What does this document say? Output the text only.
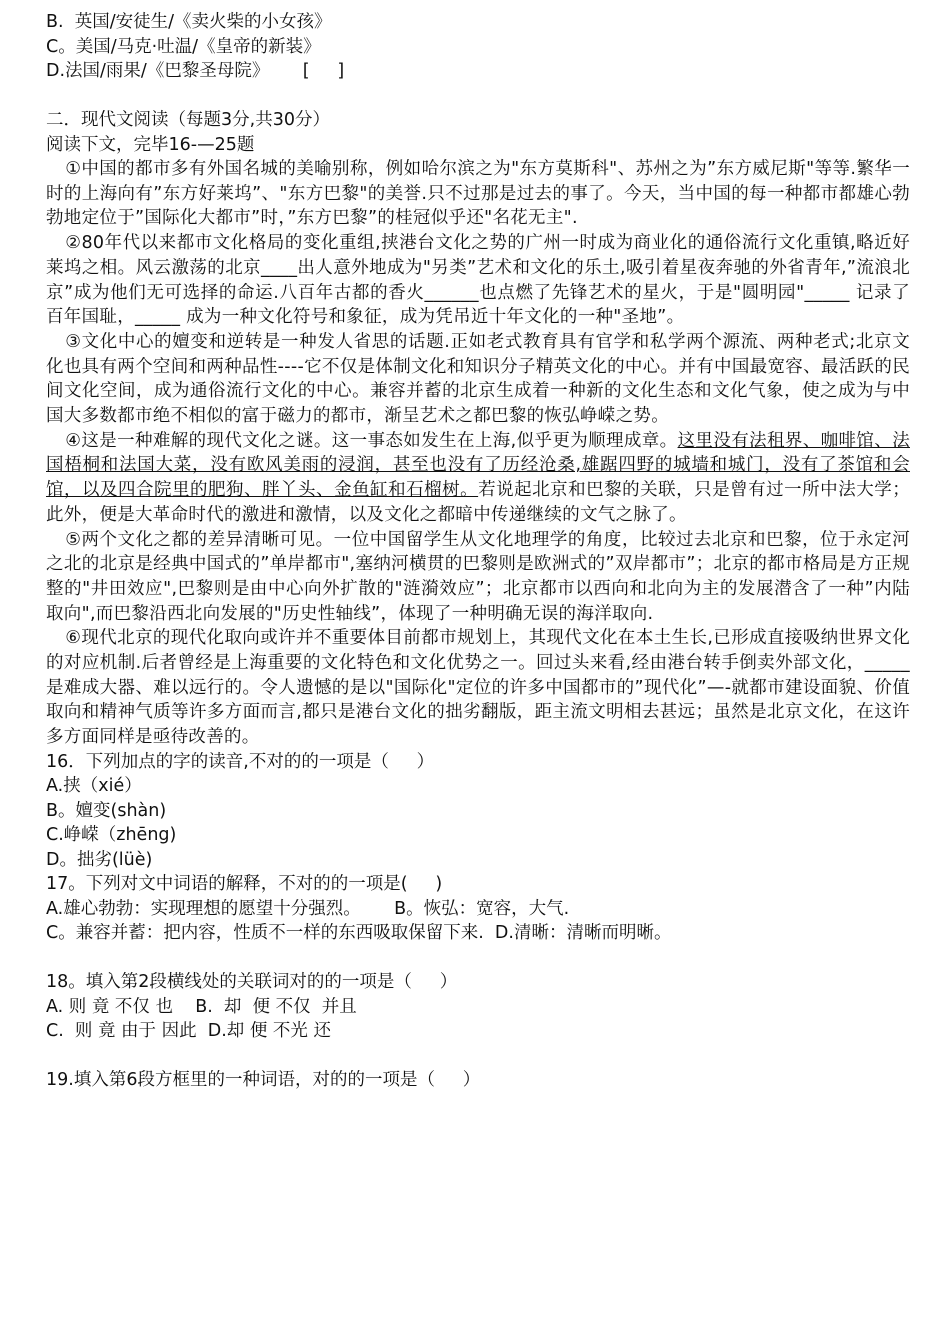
B.  英国/安徒生/《卖火柴的小女孩》
C。美国/马克·吐温/《皇帝的新装》
D.法国/雨果/《巴黎圣母院》      [     ]
二．现代文阅读（每题3分,共30分）
阅读下文，完毕16-—25题

①中国的都市多有外国名城的美喻别称，例如哈尔滨之为"东方莫斯科"、苏州之为”东方威尼斯"等等.繁华一时的上海向有”东方好莱坞”、"东方巴黎"的美誉.只不过那是过去的事了。今天，当中国的每一种都市都雄心勃勃地定位于”国际化大都市”时，”东方巴黎”的桂冠似乎还"名花无主".

②80年代以来都市文化格局的变化重组,挟港台文化之势的广州一时成为商业化的通俗流行文化重镇,略近好莱坞之相。风云激荡的北京____出人意外地成为"另类”艺术和文化的乐土,吸引着星夜奔驰的外省青年,”流浪北京”成为他们无可选择的命运.八百年古都的香火______也点燃了先锋艺术的星火，于是"圆明园"_____ 记录了百年国耻，_____ 成为一种文化符号和象征，成为凭吊近十年文化的一种"圣地”。

③文化中心的嬗变和逆转是一种发人省思的话题.正如老式教育具有官学和私学两个源流、两种老式;北京文化也具有两个空间和两种品性----它不仅是体制文化和知识分子精英文化的中心。并有中国最宽容、最活跃的民间文化空间，成为通俗流行文化的中心。兼容并蓄的北京生成着一种新的文化生态和文化气象，使之成为与中国大多数都市绝不相似的富于磁力的都市，渐呈艺术之都巴黎的恢弘峥嵘之势。

④这是一种难解的现代文化之谜。这一事态如发生在上海,似乎更为顺理成章。这里没有法租界、咖啡馆、法国梧桐和法国大菜，没有欧风美雨的浸润，甚至也没有了历经沧桑,雄踞四野的城墙和城门，没有了茶馆和会馆，以及四合院里的肥狗、胖丫头、金鱼缸和石榴树。若说起北京和巴黎的关联，只是曾有过一所中法大学；此外，便是大革命时代的激进和激情，以及文化之都暗中传递继续的文气之脉了。

⑤两个文化之都的差异清晰可见。一位中国留学生从文化地理学的角度，比较过去北京和巴黎，位于永定河之北的北京是经典中国式的”单岸都市",塞纳河横贯的巴黎则是欧洲式的”双岸都市”；北京的都市格局是方正规整的"井田效应",巴黎则是由中心向外扩散的"涟漪效应”；北京都市以西向和北向为主的发展潜含了一种”内陆取向",而巴黎沿西北向发展的"历史性轴线”，体现了一种明确无误的海洋取向.

⑥现代北京的现代化取向或许并不重要体目前都市规划上，其现代文化在本土生长,已形成直接吸纳世界文化的对应机制.后者曾经是上海重要的文化特色和文化优势之一。回过头来看,经由港台转手倒卖外部文化，_____ 是难成大器、难以远行的。令人遗憾的是以"国际化"定位的许多中国都市的”现代化”—-就都市建设面貌、价值取向和精神气质等许多方面而言,都只是港台文化的拙劣翻版，距主流文明相去甚远；虽然是北京文化，在这许多方面同样是亟待改善的。

16．下列加点的字的读音,不对的的一项是（     ）
A.挟（xié）
B。嬗变(shàn)
C.峥嵘（zhēng)
D。拙劣(lüè)
17。下列对文中词语的解释，不对的的一项是(     )
A.雄心勃勃：实现理想的愿望十分强烈。      B。恢弘：宽容，大气.
C。兼容并蓄：把内容，性质不一样的东西吸取保留下来.  D.清晰：清晰而明晰。
18。填入第2段横线处的关联词对的的一项是（     ）
A. 则 竟 不仅 也    B.  却  便 不仅  并且
C.  则 竟 由于 因此  D.却 便 不光 还
19.填入第6段方框里的一种词语，对的的一项是（     ）
